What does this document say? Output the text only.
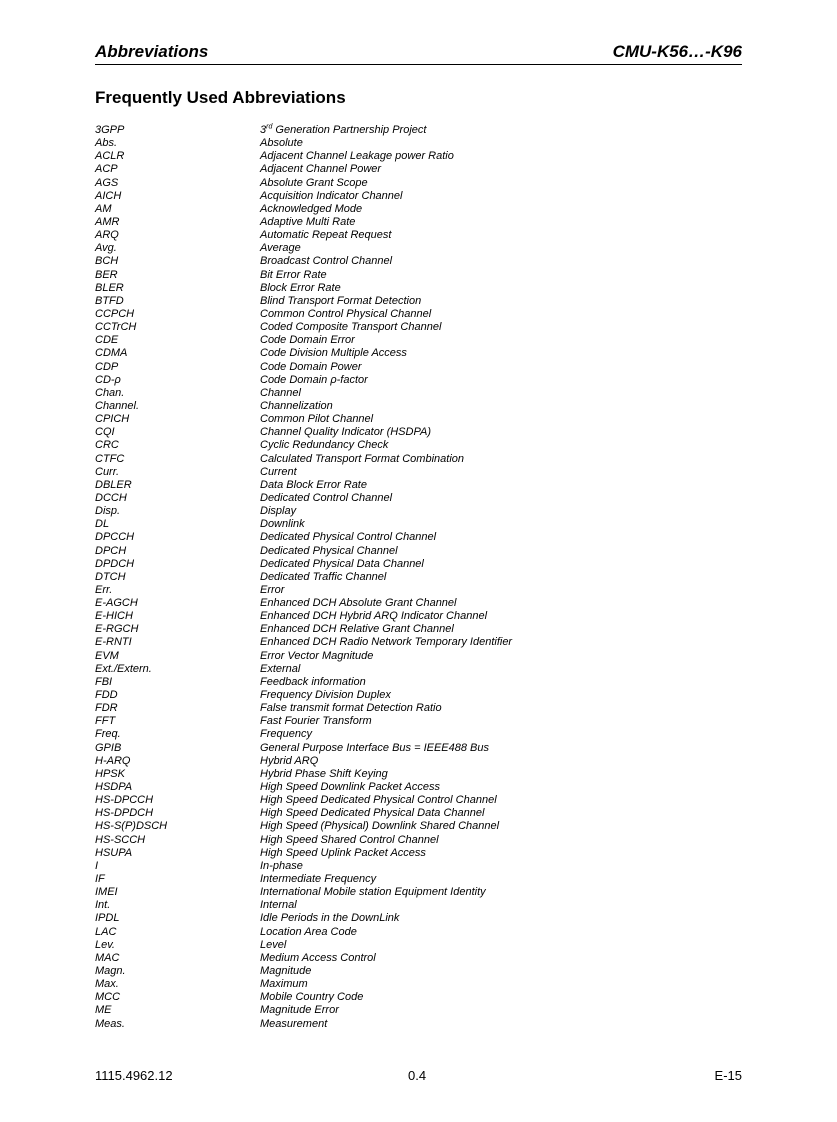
Abbreviations	CMU-K56…-K96
Frequently Used Abbreviations
3GPP	3rd Generation Partnership Project
Abs.	Absolute
ACLR	Adjacent Channel Leakage power Ratio
ACP	Adjacent Channel Power
AGS	Absolute Grant Scope
AICH	Acquisition Indicator Channel
AM	Acknowledged Mode
AMR	Adaptive Multi Rate
ARQ	Automatic Repeat Request
Avg.	Average
BCH	Broadcast Control Channel
BER	Bit Error Rate
BLER	Block Error Rate
BTFD	Blind Transport Format Detection
CCPCH	Common Control Physical Channel
CCTrCH	Coded Composite Transport Channel
CDE	Code Domain Error
CDMA	Code Division Multiple Access
CDP	Code Domain Power
CD-ρ	Code Domain ρ-factor
Chan.	Channel
Channel.	Channelization
CPICH	Common Pilot Channel
CQI	Channel Quality Indicator (HSDPA)
CRC	Cyclic Redundancy Check
CTFC	Calculated Transport Format Combination
Curr.	Current
DBLER	Data Block Error Rate
DCCH	Dedicated Control Channel
Disp.	Display
DL	Downlink
DPCCH	Dedicated Physical Control Channel
DPCH	Dedicated Physical Channel
DPDCH	Dedicated Physical Data Channel
DTCH	Dedicated Traffic Channel
Err.	Error
E-AGCH	Enhanced DCH Absolute Grant Channel
E-HICH	Enhanced DCH Hybrid ARQ Indicator Channel
E-RGCH	Enhanced DCH Relative Grant Channel
E-RNTI	Enhanced DCH Radio Network Temporary Identifier
EVM	Error Vector Magnitude
Ext./Extern.	External
FBI	Feedback information
FDD	Frequency Division Duplex
FDR	False transmit format Detection Ratio
FFT	Fast Fourier Transform
Freq.	Frequency
GPIB	General Purpose Interface Bus = IEEE488 Bus
H-ARQ	Hybrid ARQ
HPSK	Hybrid Phase Shift Keying
HSDPA	High Speed Downlink Packet Access
HS-DPCCH	High Speed Dedicated Physical Control Channel
HS-DPDCH	High Speed Dedicated Physical Data Channel
HS-S(P)DSCH	High Speed (Physical) Downlink Shared Channel
HS-SCCH	High Speed Shared Control Channel
HSUPA	High Speed Uplink Packet Access
I	In-phase
IF	Intermediate Frequency
IMEI	International Mobile station Equipment Identity
Int.	Internal
IPDL	Idle Periods in the DownLink
LAC	Location Area Code
Lev.	Level
MAC	Medium Access Control
Magn.	Magnitude
Max.	Maximum
MCC	Mobile Country Code
ME	Magnitude Error
Meas.	Measurement
1115.4962.12	0.4	E-15
